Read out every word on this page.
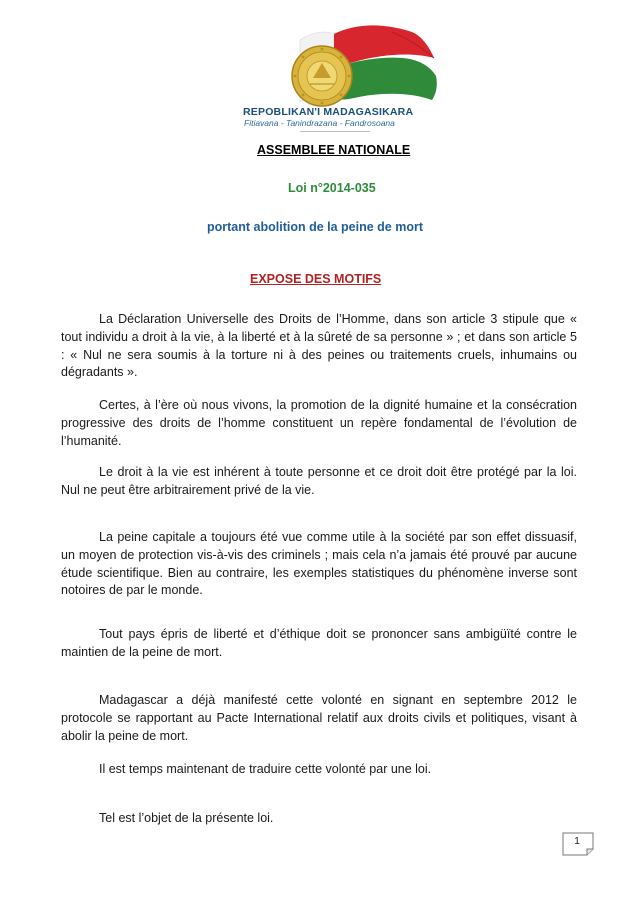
REPOBLIKAN'I MADAGASIKARA
Fitiavana - Tanindrazana - Fandrosoana
ASSEMBLEE NATIONALE
Loi n°2014-035
portant abolition de la peine de mort
EXPOSE DES MOTIFS

La Déclaration Universelle des Droits de l’Homme, dans son article 3 stipule que « tout individu a droit à la vie, à la liberté et à la sûreté de sa personne » ; et dans son article 5 : « Nul ne sera soumis à la torture ni à des peines ou traitements cruels, inhumains ou dégradants ».

Certes, à l’ère où nous vivons, la promotion de la dignité humaine et la consécration progressive des droits de l’homme constituent un repère fondamental de l’évolution de l’humanité.

Le droit à la vie est inhérent à toute personne et ce droit doit être protégé par la loi. Nul ne peut être arbitrairement privé de la vie.

La peine capitale a toujours été vue comme utile à la société par son effet dissuasif, un moyen de protection vis-à-vis des criminels ; mais cela n’a jamais été prouvé par aucune étude scientifique. Bien au contraire, les exemples statistiques du phénomène inverse sont notoires de par le monde.

Tout pays épris de liberté et d’éthique doit se prononcer sans ambigüïté contre le maintien de la peine de mort.

Madagascar a déjà manifesté cette volonté en signant en septembre 2012 le protocole se rapportant au Pacte International relatif aux droits civils et politiques, visant à abolir la peine de mort.

Il est temps maintenant de traduire cette volonté par une loi.

Tel est l’objet de la présente loi.

1
